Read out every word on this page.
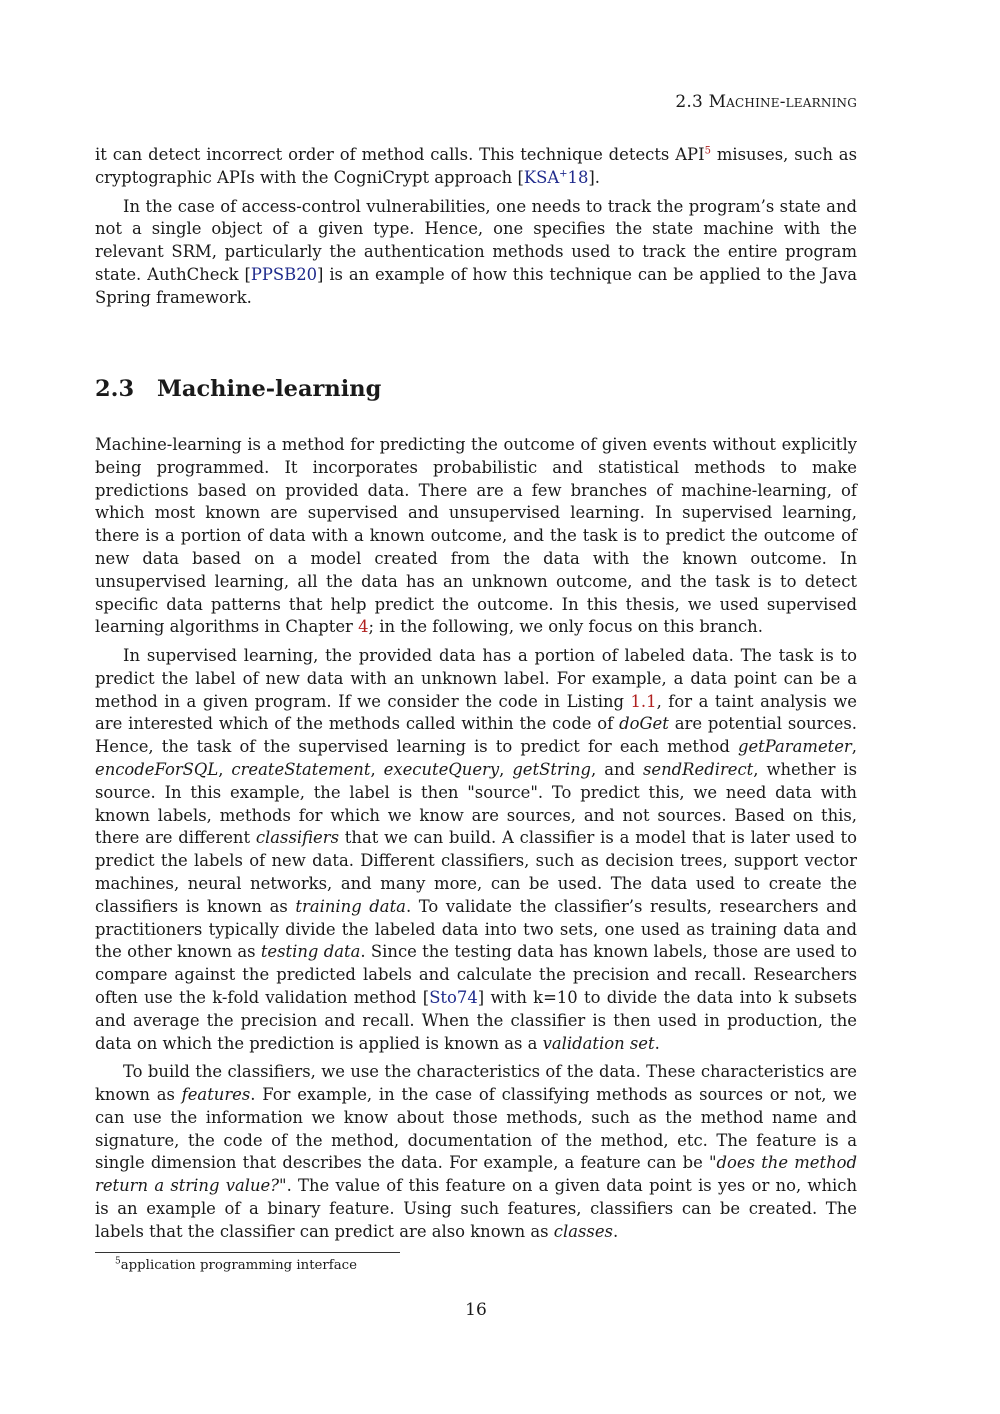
2.3 Machine-learning

it can detect incorrect order of method calls. This technique detects API$^5$ misuses, such as cryptographic APIs with the CogniCrypt approach [KSA+18].

In the case of access-control vulnerabilities, one needs to track the program’s state and not a single object of a given type. Hence, one specifies the state machine with the relevant SRM, particularly the authentication methods used to track the entire program state. AuthCheck [PPSB20] is an example of how this technique can be applied to the Java Spring framework.

2.3 Machine-learning

Machine-learning is a method for predicting the outcome of given events without explicitly being programmed. It incorporates probabilistic and statistical methods to make predictions based on provided data. There are a few branches of machine-learning, of which most known are supervised and unsupervised learning. In supervised learning, there is a portion of data with a known outcome, and the task is to predict the outcome of new data based on a model created from the data with the known outcome. In unsupervised learning, all the data has an unknown outcome, and the task is to detect specific data patterns that help predict the outcome. In this thesis, we used supervised learning algorithms in Chapter 4; in the following, we only focus on this branch.

In supervised learning, the provided data has a portion of labeled data. The task is to predict the label of new data with an unknown label. For example, a data point can be a method in a given program. If we consider the code in Listing 1.1, for a taint analysis we are interested which of the methods called within the code of doGet are potential sources. Hence, the task of the supervised learning is to predict for each method getParameter, encodeForSQL, createStatement, executeQuery, getString, and sendRedirect, whether is source. In this example, the label is then "source". To predict this, we need data with known labels, methods for which we know are sources, and not sources. Based on this, there are different classifiers that we can build. A classifier is a model that is later used to predict the labels of new data. Different classifiers, such as decision trees, support vector machines, neural networks, and many more, can be used. The data used to create the classifiers is known as training data. To validate the classifier’s results, researchers and practitioners typically divide the labeled data into two sets, one used as training data and the other known as testing data. Since the testing data has known labels, those are used to compare against the predicted labels and calculate the precision and recall. Researchers often use the k-fold validation method [Sto74] with k=10 to divide the data into k subsets and average the precision and recall. When the classifier is then used in production, the data on which the prediction is applied is known as a validation set.

To build the classifiers, we use the characteristics of the data. These characteristics are known as features. For example, in the case of classifying methods as sources or not, we can use the information we know about those methods, such as the method name and signature, the code of the method, documentation of the method, etc. The feature is a single dimension that describes the data. For example, a feature can be "does the method return a string value?". The value of this feature on a given data point is yes or no, which is an example of a binary feature. Using such features, classifiers can be created. The labels that the classifier can predict are also known as classes.

$^5$application programming interface
16
